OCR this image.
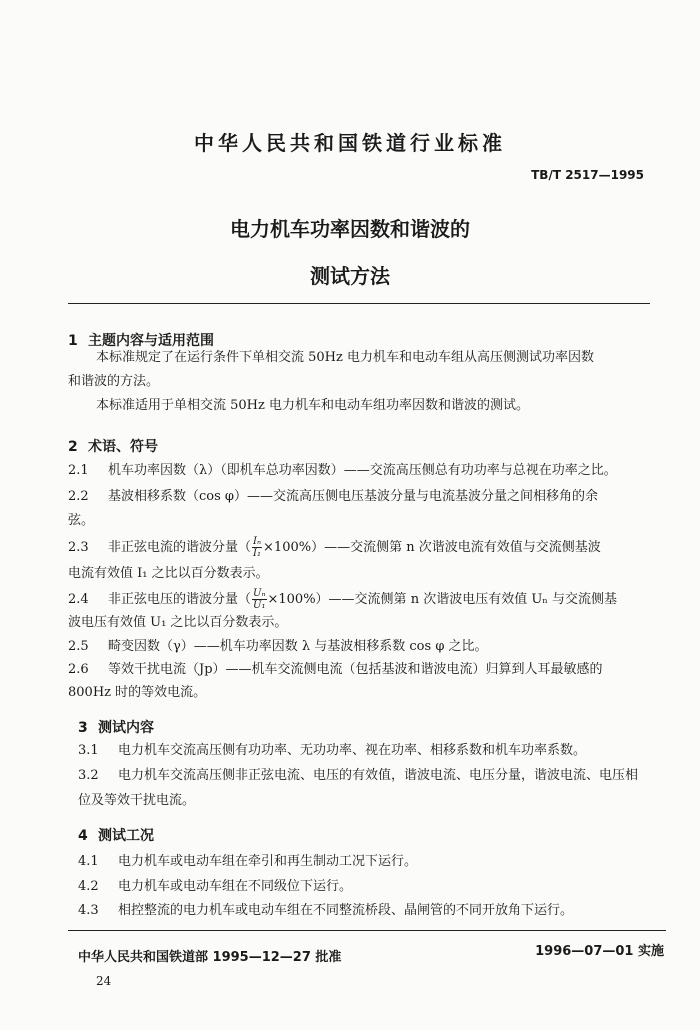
中华人民共和国铁道行业标准
TB/T 2517—1995
电力机车功率因数和谐波的
测试方法
1 主题内容与适用范围
本标准规定了在运行条件下单相交流 50Hz 电力机车和电动车组从高压侧测试功率因数
和谐波的方法。
本标准适用于单相交流 50Hz 电力机车和电动车组功率因数和谐波的测试。
2 术语、符号
2.1 机车功率因数（λ）（即机车总功率因数）——交流高压侧总有功功率与总视在功率之比。
2.2 基波相移系数（cos φ）——交流高压侧电压基波分量与电流基波分量之间相移角的余
弦。
2.3 非正弦电流的谐波分量（ $\frac{\text{Iₙ}}{\text{I₁}}$ ×100%）——交流侧第 n 次谐波电流有效值与交流侧基波
电流有效值 I₁ 之比以百分数表示。
2.4 非正弦电压的谐波分量（ $\frac{\text{Uₙ}}{\text{U₁}}$ ×100%）——交流侧第 n 次谐波电压有效值 Uₙ 与交流侧基
波电压有效值 U₁ 之比以百分数表示。
2.5 畸变因数（γ）——机车功率因数 λ 与基波相移系数 cos φ 之比。
2.6 等效干扰电流（Jp）——机车交流侧电流（包括基波和谐波电流）归算到人耳最敏感的
800Hz 时的等效电流。
3 测试内容
3.1 电力机车交流高压侧有功功率、无功功率、视在功率、相移系数和机车功率系数。
3.2 电力机车交流高压侧非正弦电流、电压的有效值，谐波电流、电压分量，谐波电流、电压相
位及等效干扰电流。
4 测试工况
4.1 电力机车或电动车组在牵引和再生制动工况下运行。
4.2 电力机车或电动车组在不同级位下运行。
4.3 相控整流的电力机车或电动车组在不同整流桥段、晶闸管的不同开放角下运行。
中华人民共和国铁道部 1995—12—27 批准	1996—07—01 实施
24
